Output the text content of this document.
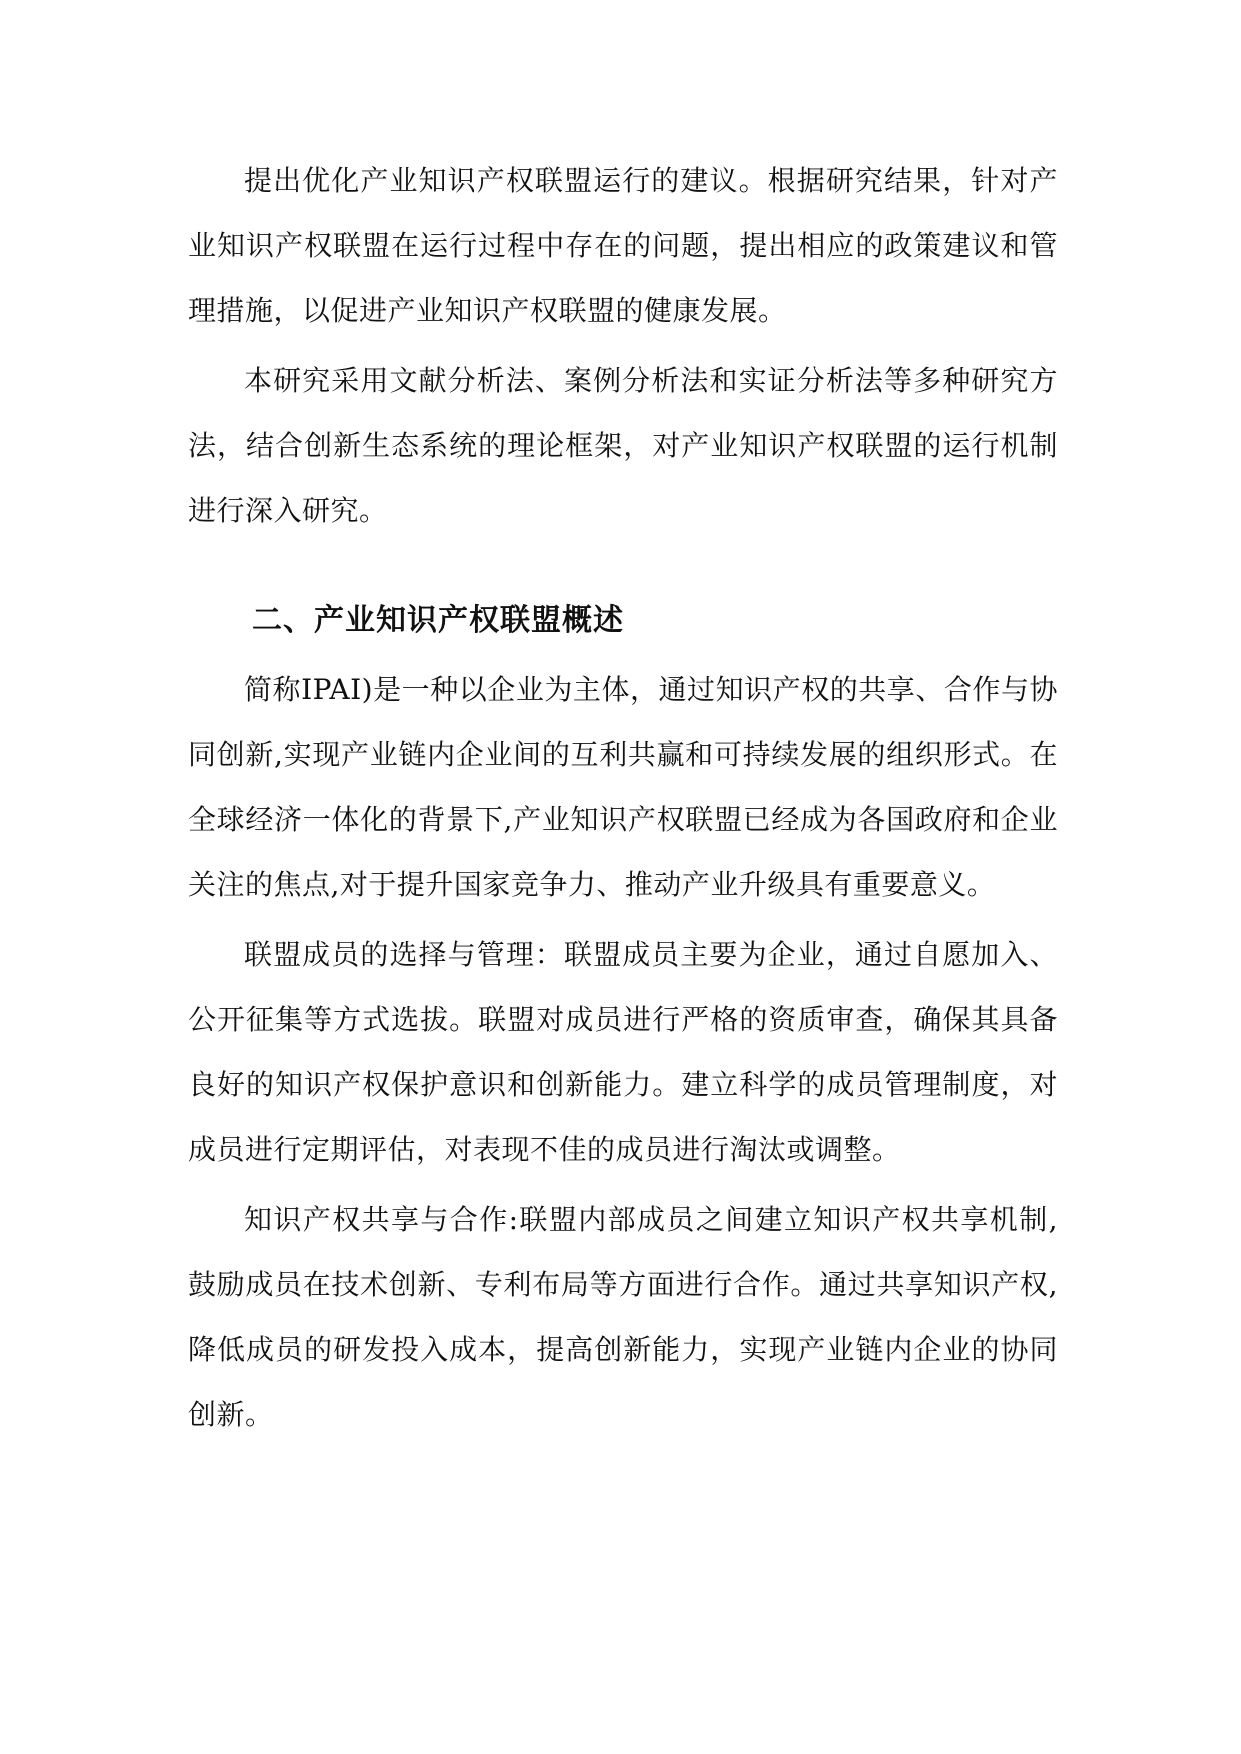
提出优化产业知识产权联盟运行的建议。根据研究结果，针对产业知识产权联盟在运行过程中存在的问题，提出相应的政策建议和管理措施，以促进产业知识产权联盟的健康发展。

本研究采用文献分析法、案例分析法和实证分析法等多种研究方法，结合创新生态系统的理论框架，对产业知识产权联盟的运行机制进行深入研究。

二、产业知识产权联盟概述

简称IPAI)是一种以企业为主体，通过知识产权的共享、合作与协同创新,实现产业链内企业间的互利共赢和可持续发展的组织形式。在全球经济一体化的背景下,产业知识产权联盟已经成为各国政府和企业关注的焦点,对于提升国家竞争力、推动产业升级具有重要意义。

联盟成员的选择与管理：联盟成员主要为企业，通过自愿加入、公开征集等方式选拔。联盟对成员进行严格的资质审查，确保其具备良好的知识产权保护意识和创新能力。建立科学的成员管理制度，对成员进行定期评估，对表现不佳的成员进行淘汰或调整。

知识产权共享与合作:联盟内部成员之间建立知识产权共享机制,鼓励成员在技术创新、专利布局等方面进行合作。通过共享知识产权,降低成员的研发投入成本，提高创新能力，实现产业链内企业的协同创新。
